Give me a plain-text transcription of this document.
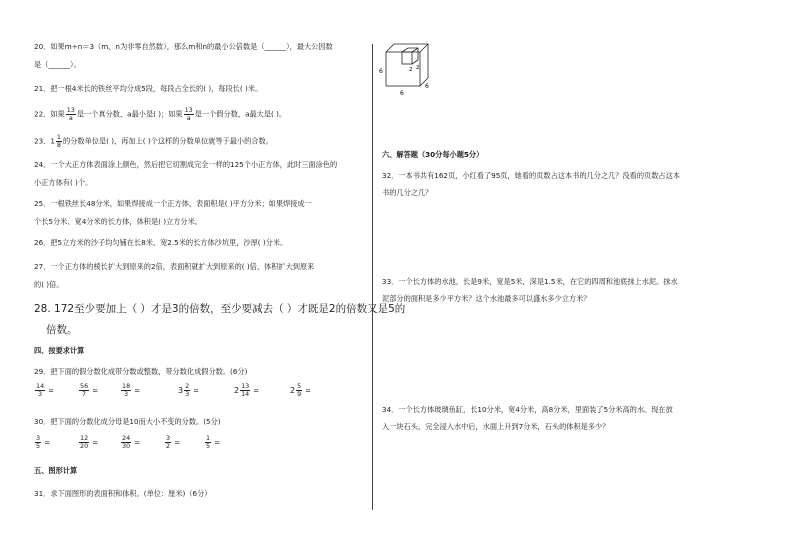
20．如果m÷n＝3（m、n为非零自然数），那么m和n的最小公倍数是（______），最大公因数
是（______）。
21．把一根4米长的铁丝平均分成5段，每段占全长的( )，每段长( )米。
22．如果 $\frac{13}{a}$ 是一个真分数，a最小是( )；如果 $\frac{13}{a}$ 是一个假分数，a最大是( )。
23．$1 \frac{1}{8}$ 的分数单位是( )，再加上( )个这样的分数单位就等于最小的合数。
24．一个大正方体表面涂上颜色，然后把它切割成完全一样的125个小正方体，此时三面涂色的
小正方体有( )个。
25．一根铁丝长48分米，如果焊接成一个正方体，表面积是( )平方分米；如果焊接成一
个长5分米、宽4分米的长方体，体积是( )立方分米。
26．把5立方米的沙子均匀铺在长8米、宽2.5米的长方体沙坑里，沙厚( )分米。
27．一个正方体的棱长扩大到原来的2倍，表面积就扩大到原来的( )倍，体积扩大到原来
的( )倍。
28. 172至少要加上（ ）才是3的倍数，至少要减去（ ）才既是2的倍数又是5的
倍数。
四、按要求计算
29．把下面的假分数化成带分数或整数，带分数化成假分数。(6分)
$\frac{14}{3}$ =	$\frac{56}{7}$ =	$\frac{18}{3}$ =	$3 \frac{2}{3}$ =	$2 \frac{13}{14}$ =	$2 \frac{5}{9}$ =
30．把下面的分数化成分母是10而大小不变的分数。(5分)
$\frac{3}{5}$ =	$\frac{12}{20}$ =	$\frac{24}{30}$ =	$\frac{3}{2}$ =	$\frac{1}{5}$ =
五、图形计算
31．求下面图形的表面积和体积。(单位：厘米)（6分）
6	2 2
6
6
六、解答题（30分每小题5分）
32．一本书共有162页，小红看了95页，她看的页数占这本书的几分之几？没看的页数占这本
书的几分之几？
33．一个长方体的水池，长是9米，宽是5米，深是1.5米，在它的四周和池底抹上水泥。抹水
泥部分的面积是多少平方米？这个水池最多可以盛水多少立方米？
34．一个长方体玻璃鱼缸，长10分米，宽4分米，高8分米，里面装了5分米高的水。现在放
入一块石头，完全浸入水中后，水面上升到7分米，石头的体积是多少？
